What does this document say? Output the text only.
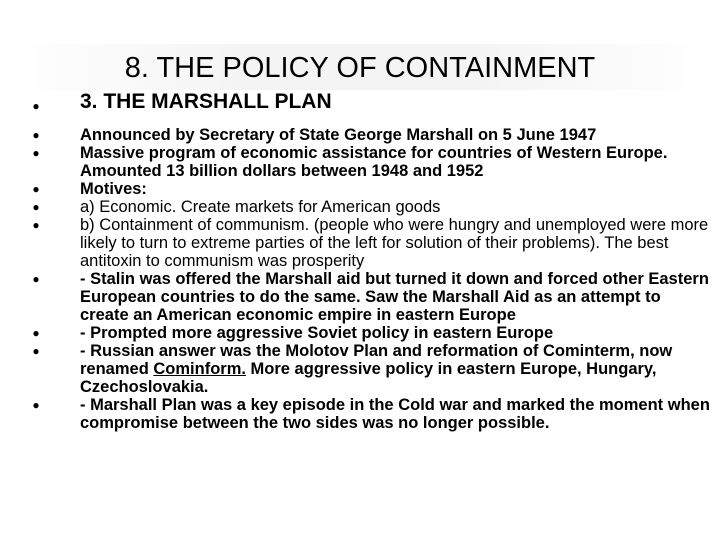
8. THE POLICY OF CONTAINMENT
● 3. THE MARSHALL PLAN
● Announced by Secretary of State George Marshall on 5 June 1947
● Massive program of economic assistance for countries of Western Europe. Amounted 13 billion dollars between 1948 and 1952
● Motives:
● a) Economic. Create markets for American goods
● b) Containment of communism. (people who were hungry and unemployed were more likely to turn to extreme parties of the left for solution of their problems). The best antitoxin to communism was prosperity
● - Stalin was offered the Marshall aid but turned it down and forced other Eastern European countries to do the same. Saw the Marshall Aid as an attempt to create an American economic empire in eastern Europe
● - Prompted more aggressive Soviet policy in eastern Europe
● - Russian answer was the Molotov Plan and reformation of Cominterm, now renamed Cominform. More aggressive policy in eastern Europe, Hungary, Czechoslovakia.
● - Marshall Plan was a key episode in the Cold war and marked the moment when compromise between the two sides was no longer possible.
